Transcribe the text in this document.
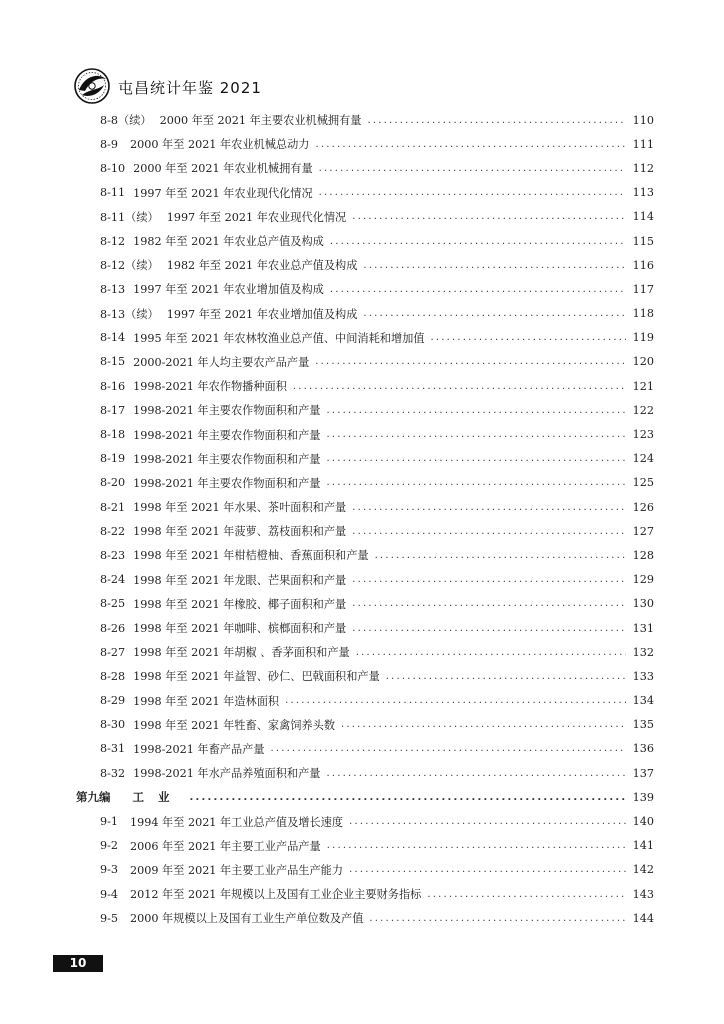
屯昌统计年鉴 2021
8-8（续） 2000 年至 2021 年主要农业机械拥有量 .....	110
8-9	2000 年至 2021 年农业机械总动力 .....	111
8-10 2000 年至 2021 年农业机械拥有量 .....	112
8-11 1997 年至 2021 年农业现代化情况 .....	113
8-11（续） 1997 年至 2021 年农业现代化情况 .....	114
8-12 1982 年至 2021 年农业总产值及构成 .....	115
8-12（续） 1982 年至 2021 年农业总产值及构成 .....	116
8-13 1997 年至 2021 年农业增加值及构成 .....	117
8-13（续） 1997 年至 2021 年农业增加值及构成 .....	118
8-14 1995 年至 2021 年农林牧渔业总产值、中间消耗和增加值 .....	119
8-15 2000-2021 年人均主要农产品产量 .....	120
8-16 1998-2021 年农作物播种面积 .....	121
8-17 1998-2021 年主要农作物面积和产量 .....	122
8-18 1998-2021 年主要农作物面积和产量 .....	123
8-19 1998-2021 年主要农作物面积和产量 .....	124
8-20 1998-2021 年主要农作物面积和产量 .....	125
8-21 1998 年至 2021 年水果、茶叶面积和产量 .....	126
8-22 1998 年至 2021 年菠萝、荔枝面积和产量 .....	127
8-23 1998 年至 2021 年柑桔橙柚、香蕉面积和产量 .....	128
8-24 1998 年至 2021 年龙眼、芒果面积和产量 .....	129
8-25 1998 年至 2021 年橡胶、椰子面积和产量 .....	130
8-26 1998 年至 2021 年咖啡、槟榔面积和产量 .....	131
8-27 1998 年至 2021 年胡椒 、香茅面积和产量 .....	132
8-28 1998 年至 2021 年益智、砂仁、巴戟面积和产量 .....	133
8-29 1998 年至 2021 年造林面积 .....	134
8-30 1998 年至 2021 年牲畜、家禽饲养头数 .....	135
8-31 1998-2021 年畜产品产量 .....	136
8-32 1998-2021 年水产品养殖面积和产量 .....	137
第九编	工业 .....	139
9-1	1994 年至 2021 年工业总产值及增长速度 .....	140
9-2	2006 年至 2021 年主要工业产品产量 .....	141
9-3	2009 年至 2021 年主要工业产品生产能力 .....	142
9-4	2012 年至 2021 年规模以上及国有工业企业主要财务指标 .....	143
9-5	2000 年规模以上及国有工业生产单位数及产值 .....	144
10
